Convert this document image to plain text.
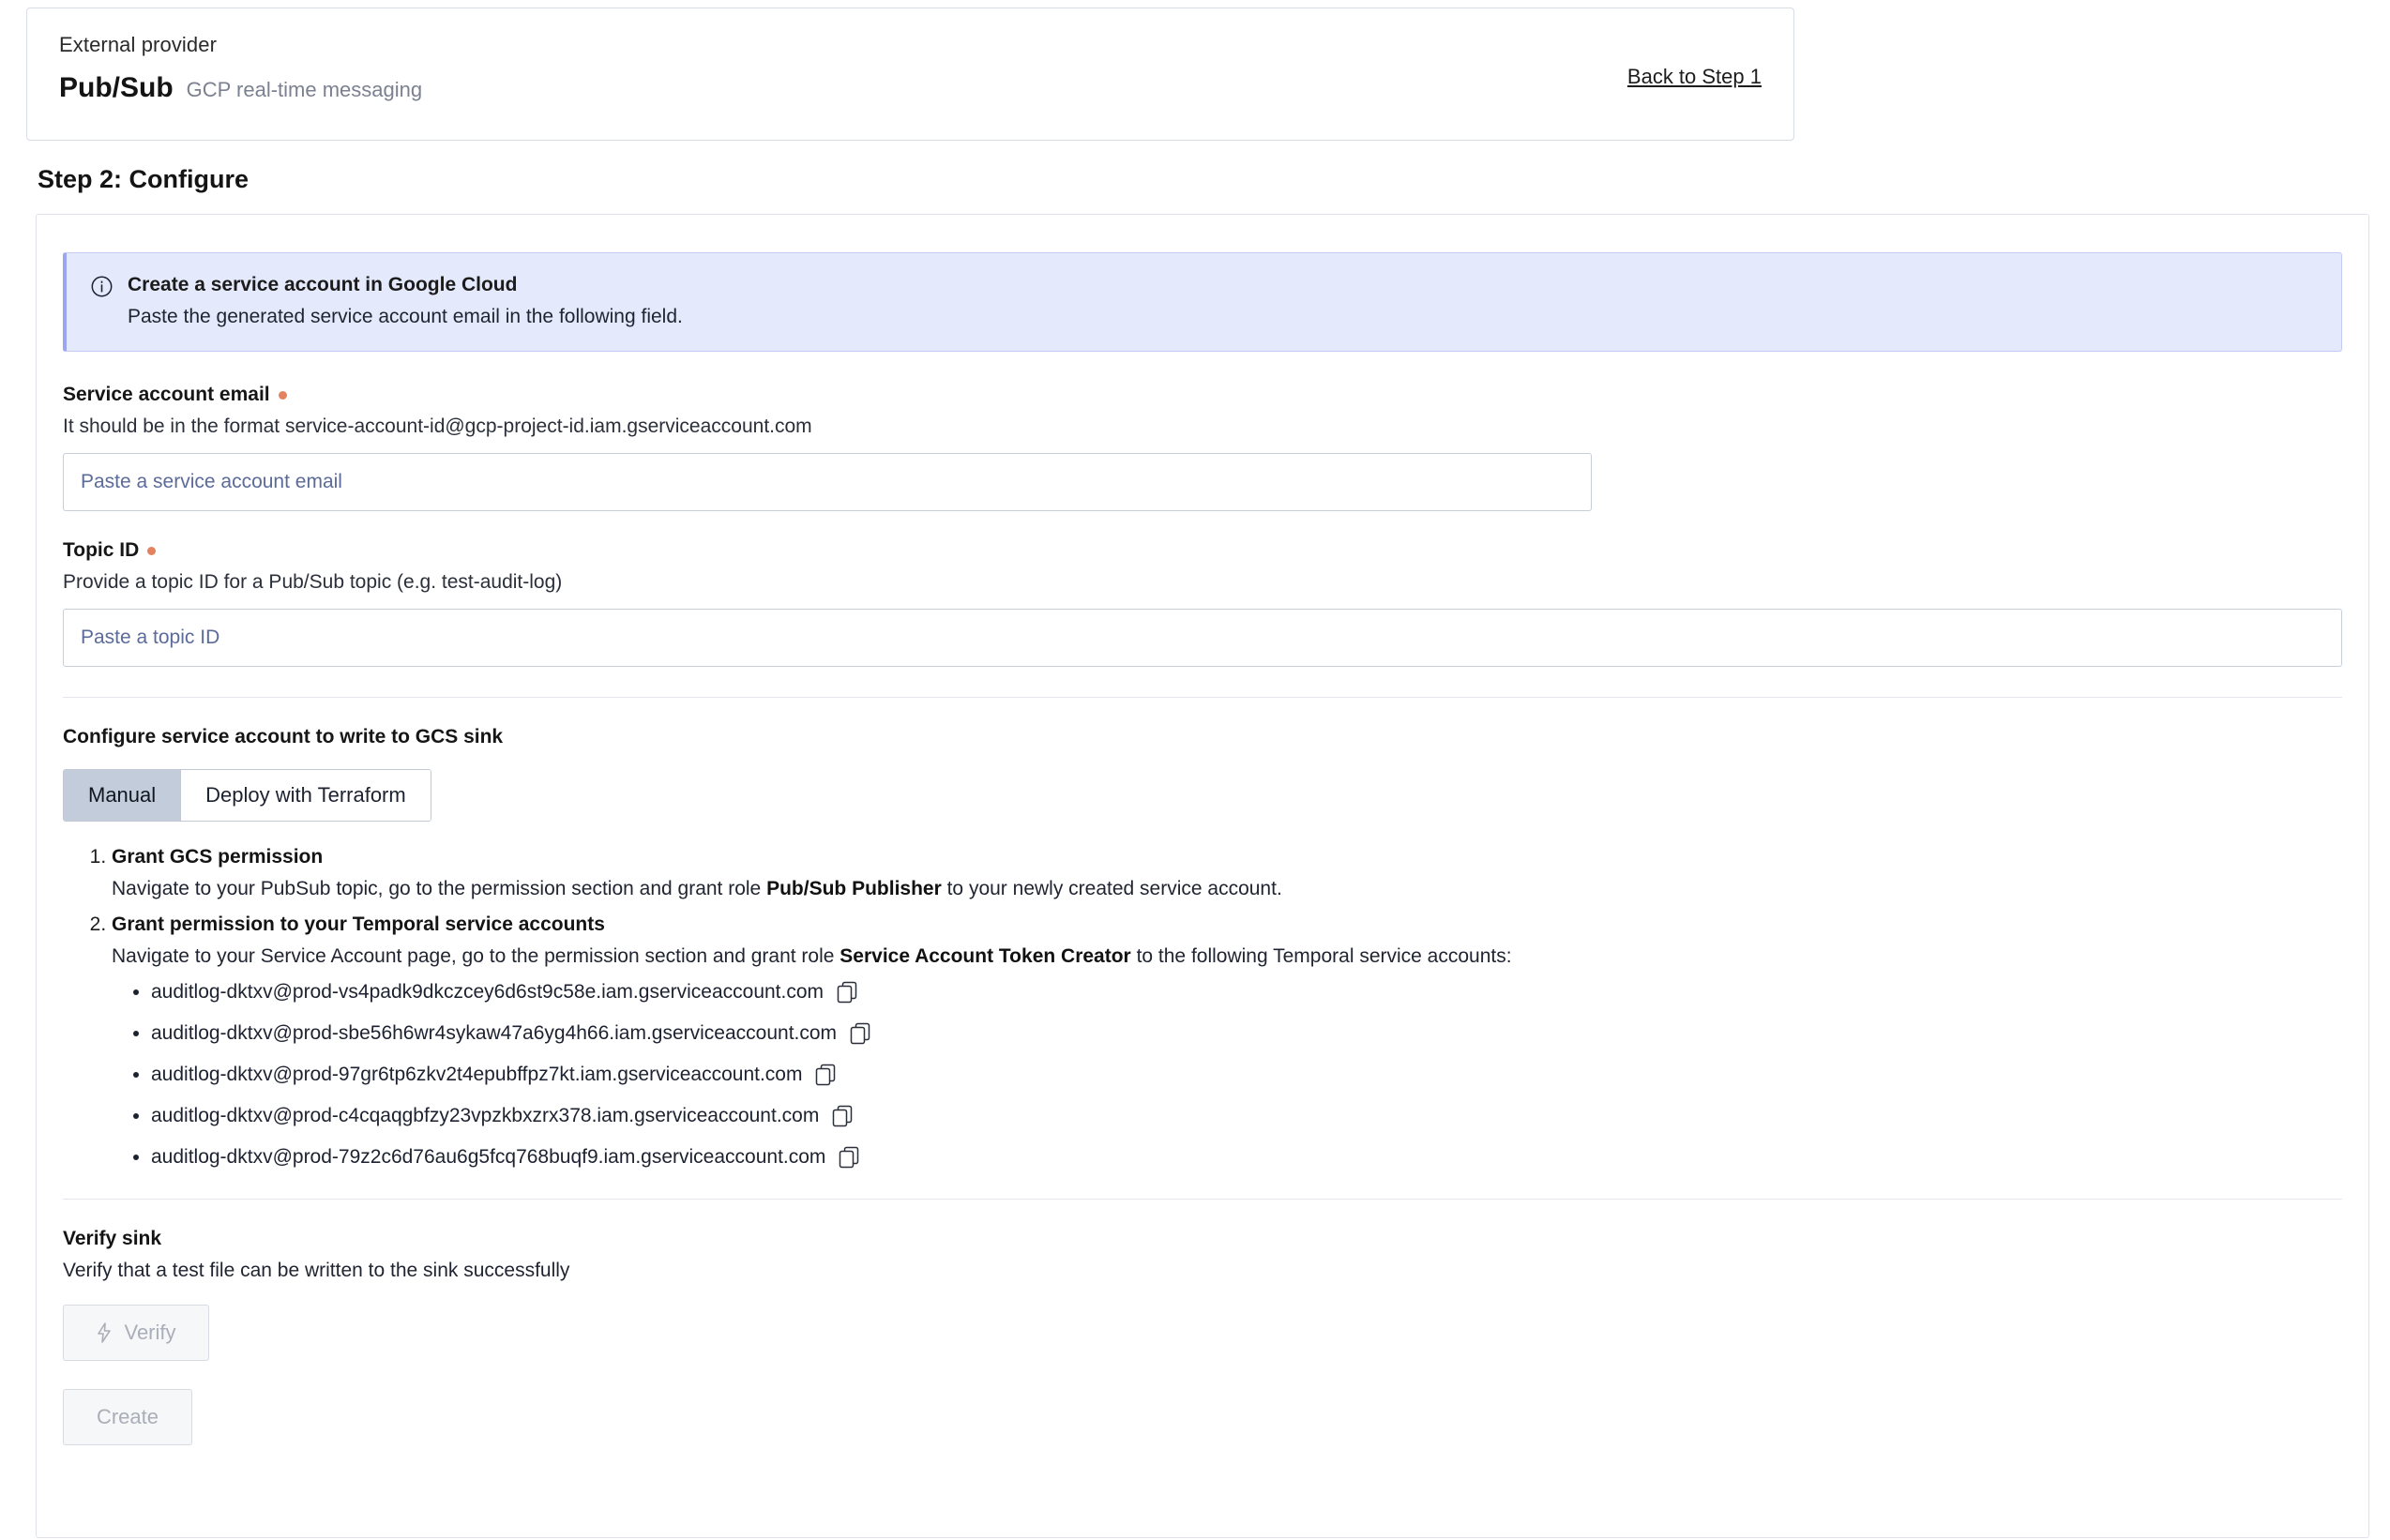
External provider
Pub/Sub GCP real-time messaging
Back to Step 1
Step 2: Configure
Create a service account in Google Cloud
Paste the generated service account email in the following field.
Service account email
It should be in the format service-account-id@gcp-project-id.iam.gserviceaccount.com
Paste a service account email
Topic ID
Provide a topic ID for a Pub/Sub topic (e.g. test-audit-log)
Paste a topic ID
Configure service account to write to GCS sink
Manual	Deploy with Terraform
1. Grant GCS permission
Navigate to your PubSub topic, go to the permission section and grant role Pub/Sub Publisher to your newly created service account.
2. Grant permission to your Temporal service accounts
Navigate to your Service Account page, go to the permission section and grant role Service Account Token Creator to the following Temporal service accounts:
• auditlog-dktxv@prod-vs4padk9dkczcey6d6st9c58e.iam.gserviceaccount.com
• auditlog-dktxv@prod-sbe56h6wr4sykaw47a6yg4h66.iam.gserviceaccount.com
• auditlog-dktxv@prod-97gr6tp6zkv2t4epubffpz7kt.iam.gserviceaccount.com
• auditlog-dktxv@prod-c4cqaqgbfzy23vpzkbxzrx378.iam.gserviceaccount.com
• auditlog-dktxv@prod-79z2c6d76au6g5fcq768buqf9.iam.gserviceaccount.com
Verify sink
Verify that a test file can be written to the sink successfully
Verify
Create
